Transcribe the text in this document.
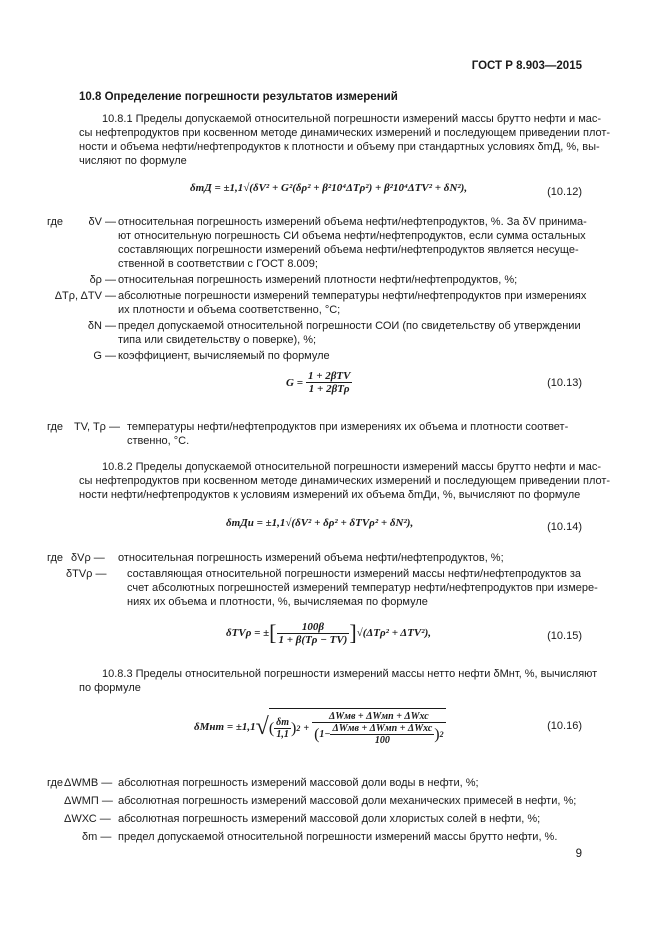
ГОСТ Р 8.903—2015
10.8 Определение погрешности результатов измерений
10.8.1 Пределы допускаемой относительной погрешности измерений массы брутто нефти и мас-
сы нефтепродуктов при косвенном методе динамических измерений и последующем приведении плот-
ности и объема нефти/нефтепродуктов к плотности и объему при стандартных условиях δmД, %, вы-
числяют по формуле
δmД = ±1,1√(δV² + G²(δρ² + β²10⁴ΔTρ²) + β²10⁴ΔTV² + δN²),	(10.12)
где δV — относительная погрешность измерений объема нефти/нефтепродуктов, %. За δV принима-
ют относительную погрешность СИ объема нефти/нефтепродуктов, если сумма остальных
составляющих погрешности измерений объема нефти/нефтепродуктов является несуще-
ственной в соответствии с ГОСТ 8.009;
δρ — относительная погрешность измерений плотности нефти/нефтепродуктов, %;
ΔTρ, ΔTV — абсолютные погрешности измерений температуры нефти/нефтепродуктов при измерениях
их плотности и объема соответственно, °С;
δN — предел допускаемой относительной погрешности СОИ (по свидетельству об утверждении
типа или свидетельству о поверке), %;
G — коэффициент, вычисляемый по формуле
$G = \frac{\text{1 + 2βTV}}{\text{1 + 2βTρ}}$	(10.13)
где TV, Tρ — температуры нефти/нефтепродуктов при измерениях их объема и плотности соответ-
ственно, °С.
10.8.2 Пределы допускаемой относительной погрешности измерений массы брутто нефти и мас-
сы нефтепродуктов при косвенном методе динамических измерений и последующем приведении плот-
ности нефти/нефтепродуктов к условиям измерений их объема δmДи, %, вычисляют по формуле
δmДи = ±1,1√(δV² + δρ² + δTVρ² + δN²),	(10.14)
где δVρ — относительная погрешность измерений объема нефти/нефтепродуктов, %;
δTVρ — составляющая относительной погрешности измерений массы нефти/нефтепродуктов за
счет абсолютных погрешностей измерений температур нефти/нефтепродуктов при измере-
ниях их объема и плотности, %, вычисляемая по формуле
δTVρ = ± [ $\frac{100\beta}{1 + \beta(T\rho - TV)}$ ] √(ΔTρ² + ΔTV²),	(10.15)
10.8.3 Пределы относительной погрешности измерений массы нетто нефти δMнт, %, вычисляют
по формуле
δMнт = ±1,1 √ ( $\frac{\delta m}{1,1}$ ) 2 +
ΔWмв + ΔWмп + ΔWхс
( $1- \frac{\text{ΔWмв + ΔWмп + ΔWхс}}{100}$ ) 2
(10.16)
где ΔWМВ — абсолютная погрешность измерений массовой доли воды в нефти, %;
ΔWМП — абсолютная погрешность измерений массовой доли механических примесей в нефти, %;
ΔWХС — абсолютная погрешность измерений массовой доли хлористых солей в нефти, %;
δm — предел допускаемой относительной погрешности измерений массы брутто нефти, %.
9
